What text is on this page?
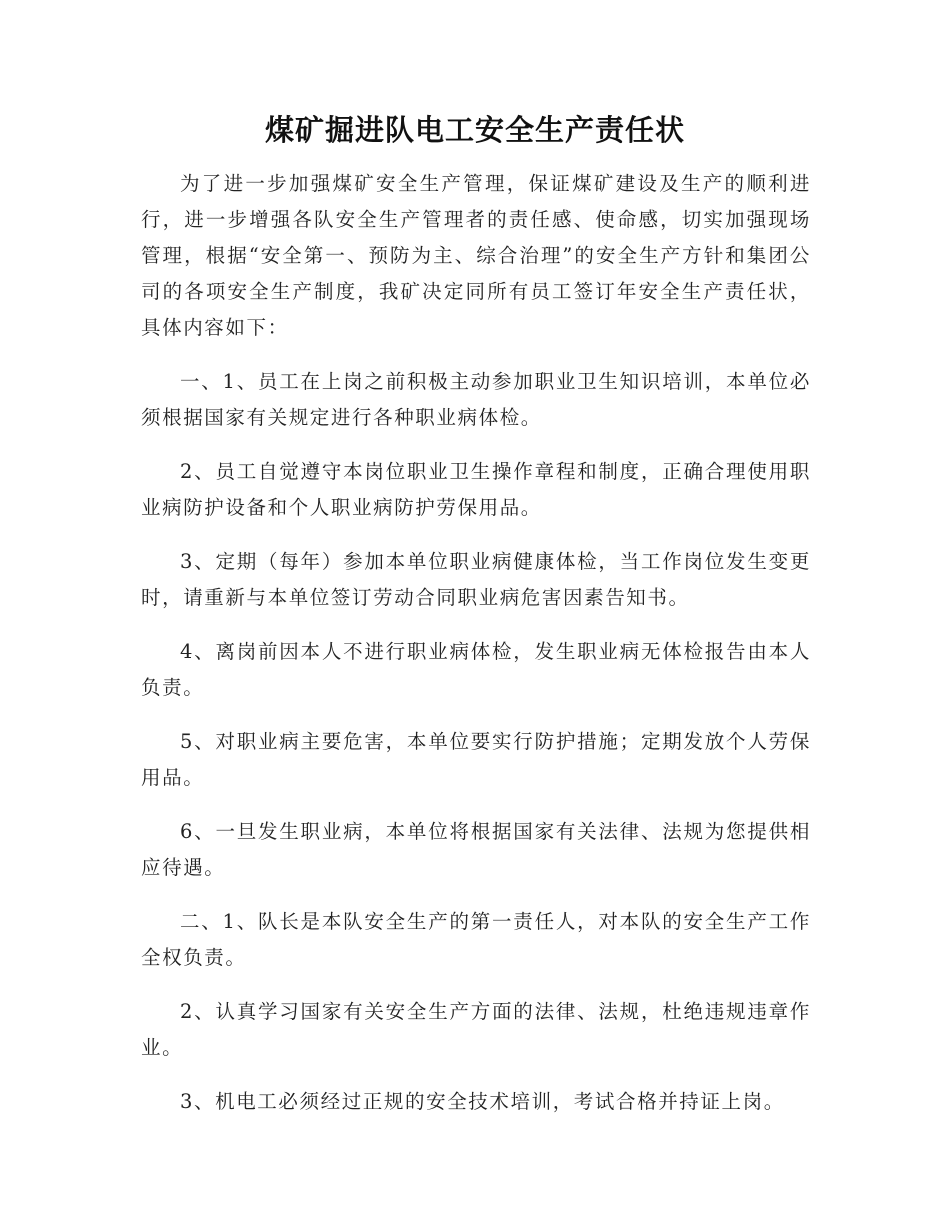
煤矿掘进队电工安全生产责任状

为了进一步加强煤矿安全生产管理，保证煤矿建设及生产的顺利进行，进一步增强各队安全生产管理者的责任感、使命感，切实加强现场管理，根据“安全第一、预防为主、综合治理”的安全生产方针和集团公司的各项安全生产制度，我矿决定同所有员工签订年安全生产责任状，具体内容如下：

一、1、员工在上岗之前积极主动参加职业卫生知识培训，本单位必须根据国家有关规定进行各种职业病体检。

2、员工自觉遵守本岗位职业卫生操作章程和制度，正确合理使用职业病防护设备和个人职业病防护劳保用品。

3、定期（每年）参加本单位职业病健康体检，当工作岗位发生变更时，请重新与本单位签订劳动合同职业病危害因素告知书。

4、离岗前因本人不进行职业病体检，发生职业病无体检报告由本人负责。

5、对职业病主要危害，本单位要实行防护措施；定期发放个人劳保用品。

6、一旦发生职业病，本单位将根据国家有关法律、法规为您提供相应待遇。

二、1、队长是本队安全生产的第一责任人，对本队的安全生产工作全权负责。

2、认真学习国家有关安全生产方面的法律、法规，杜绝违规违章作业。

3、机电工必须经过正规的安全技术培训，考试合格并持证上岗。
